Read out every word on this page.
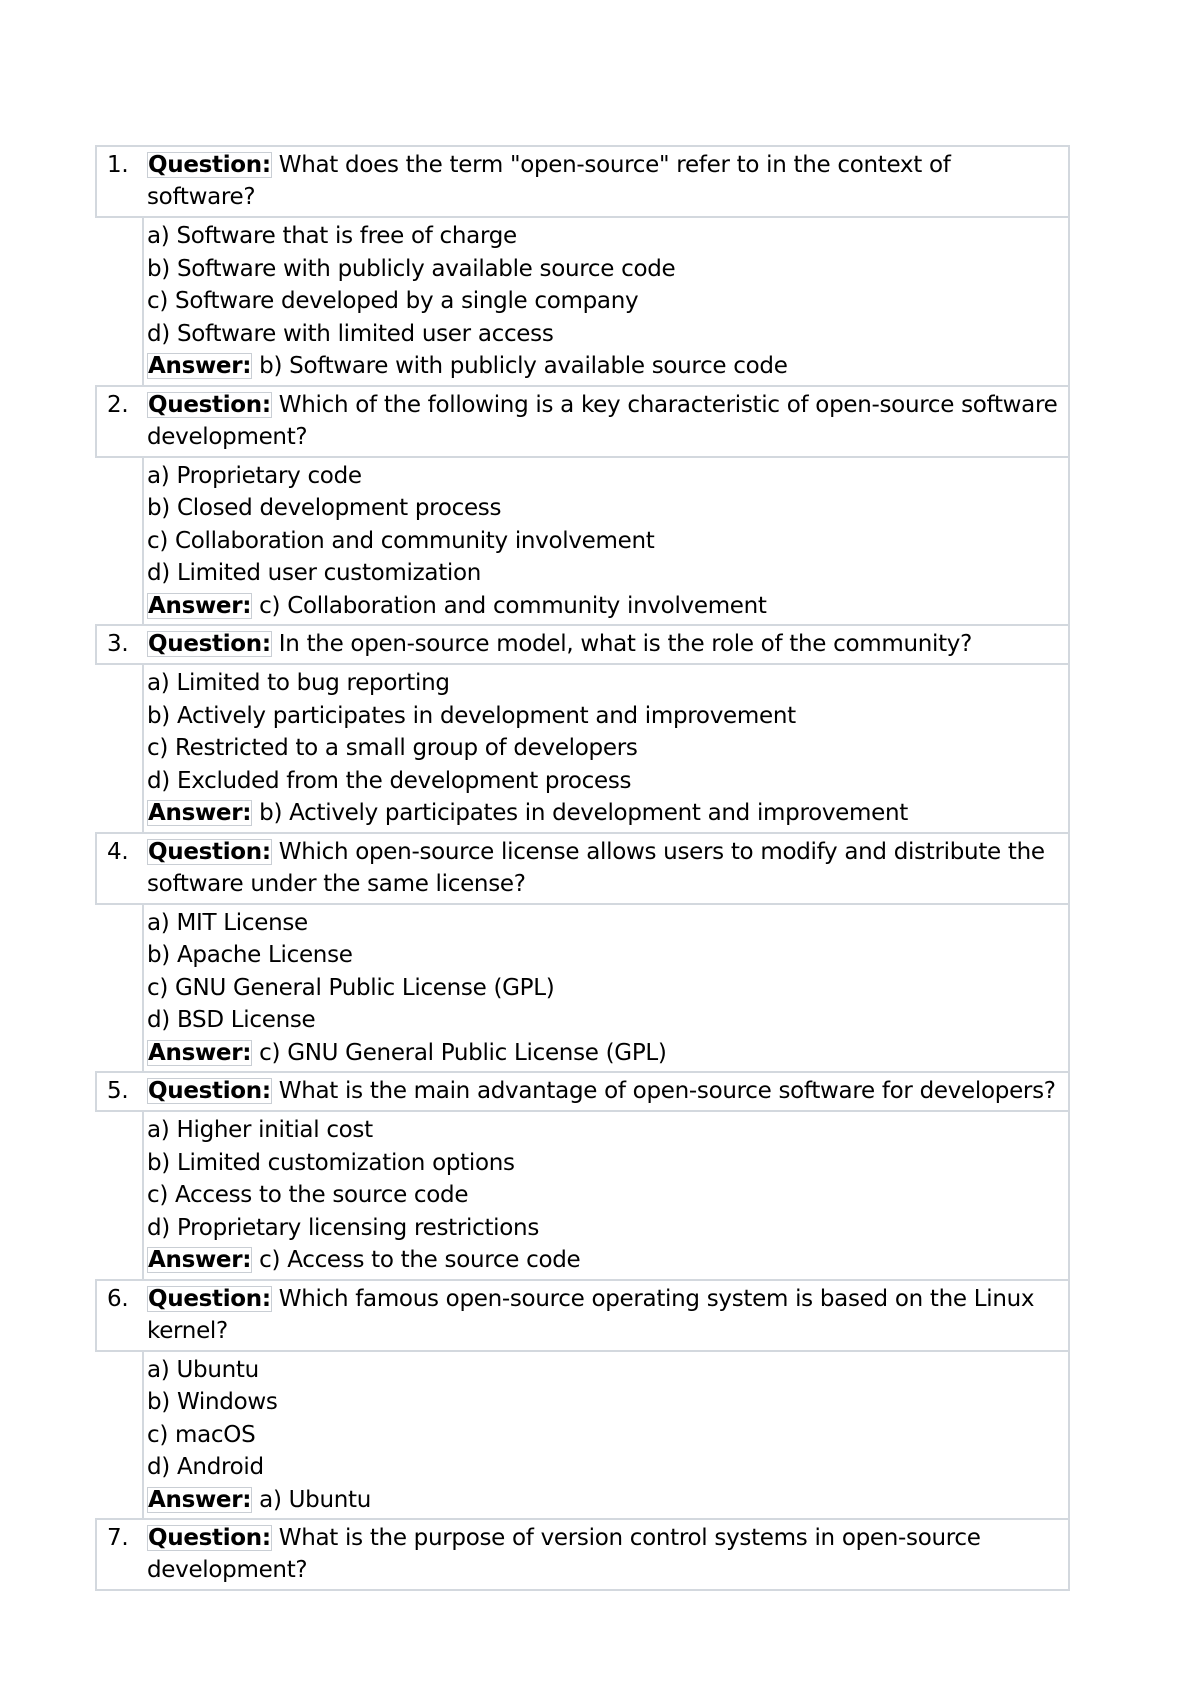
1. Question: What does the term "open-source" refer to in the context of software?
a) Software that is free of charge
b) Software with publicly available source code
c) Software developed by a single company
d) Software with limited user access
Answer: b) Software with publicly available source code
2. Question: Which of the following is a key characteristic of open-source software development?
a) Proprietary code
b) Closed development process
c) Collaboration and community involvement
d) Limited user customization
Answer: c) Collaboration and community involvement
3. Question: In the open-source model, what is the role of the community?
a) Limited to bug reporting
b) Actively participates in development and improvement
c) Restricted to a small group of developers
d) Excluded from the development process
Answer: b) Actively participates in development and improvement
4. Question: Which open-source license allows users to modify and distribute the software under the same license?
a) MIT License
b) Apache License
c) GNU General Public License (GPL)
d) BSD License
Answer: c) GNU General Public License (GPL)
5. Question: What is the main advantage of open-source software for developers?
a) Higher initial cost
b) Limited customization options
c) Access to the source code
d) Proprietary licensing restrictions
Answer: c) Access to the source code
6. Question: Which famous open-source operating system is based on the Linux kernel?
a) Ubuntu
b) Windows
c) macOS
d) Android
Answer: a) Ubuntu
7. Question: What is the purpose of version control systems in open-source development?
